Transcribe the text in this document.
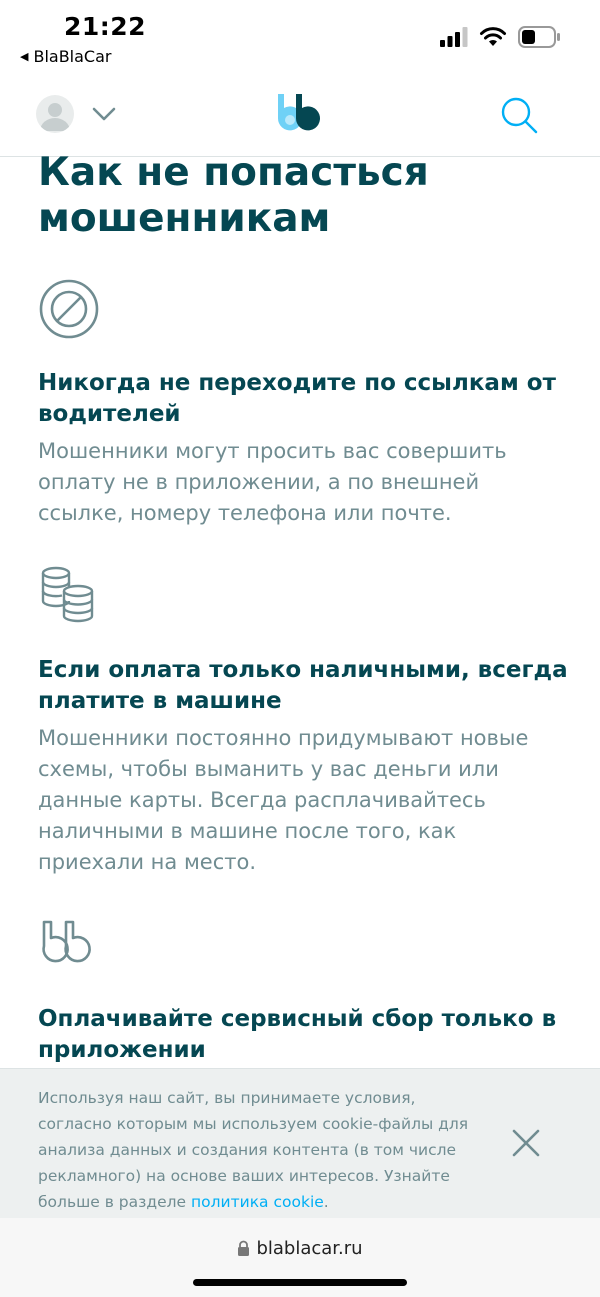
21:22
◀ BlaBlaCar
Как не попасться мошенникам
Никогда не переходите по ссылкам от водителей

Мошенники могут просить вас совершить оплату не в приложении, а по внешней ссылке, номеру телефона или почте.

Если оплата только наличными, всегда платите в машине

Мошенники постоянно придумывают новые схемы, чтобы выманить у вас деньги или данные карты. Всегда расплачивайтесь наличными в машине после того, как приехали на место.

Оплачивайте сервисный сбор только в приложении

Используя наш сайт, вы принимаете условия, согласно которым мы используем cookie-файлы для анализа данных и создания контента (в том числе рекламного) на основе ваших интересов. Узнайте больше в разделе политика cookie.

blablacar.ru
